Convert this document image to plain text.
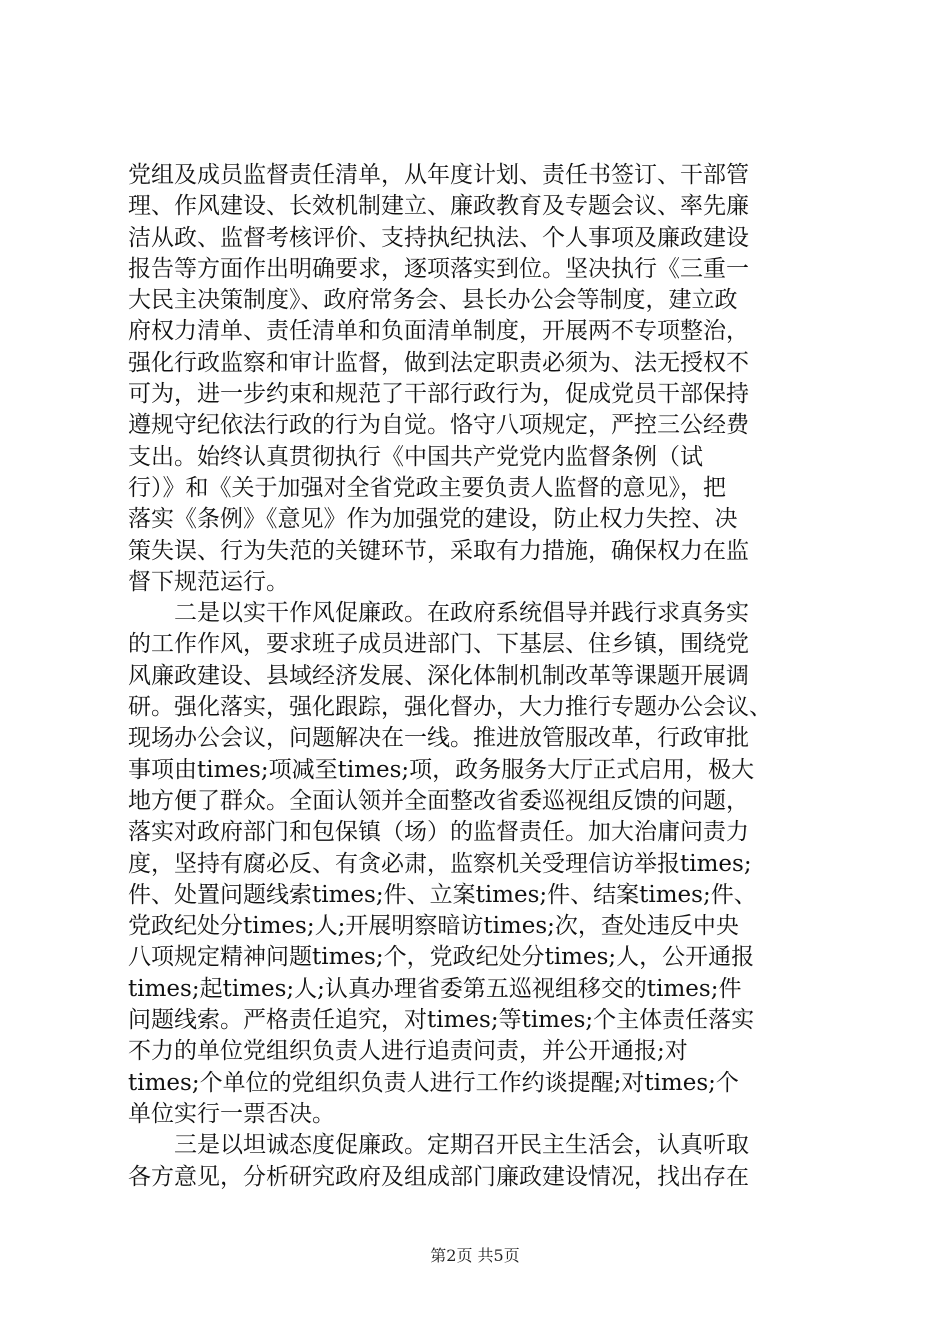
党组及成员监督责任清单，从年度计划、责任书签订、干部管
理、作风建设、长效机制建立、廉政教育及专题会议、率先廉
洁从政、监督考核评价、支持执纪执法、个人事项及廉政建设
报告等方面作出明确要求，逐项落实到位。坚决执行《三重一
大民主决策制度》、政府常务会、县长办公会等制度，建立政
府权力清单、责任清单和负面清单制度，开展两不专项整治，
强化行政监察和审计监督，做到法定职责必须为、法无授权不
可为，进一步约束和规范了干部行政行为，促成党员干部保持
遵规守纪依法行政的行为自觉。恪守八项规定，严控三公经费
支出。始终认真贯彻执行《中国共产党党内监督条例（试
行）》和《关于加强对全省党政主要负责人监督的意见》，把
落实《条例》《意见》作为加强党的建设，防止权力失控、决
策失误、行为失范的关键环节，采取有力措施，确保权力在监
督下规范运行。
　　二是以实干作风促廉政。在政府系统倡导并践行求真务实
的工作作风，要求班子成员进部门、下基层、住乡镇，围绕党
风廉政建设、县域经济发展、深化体制机制改革等课题开展调
研。强化落实，强化跟踪，强化督办，大力推行专题办公会议、
现场办公会议，问题解决在一线。推进放管服改革，行政审批
事项由times;项减至times;项，政务服务大厅正式启用，极大
地方便了群众。全面认领并全面整改省委巡视组反馈的问题，
落实对政府部门和包保镇（场）的监督责任。加大治庸问责力
度，坚持有腐必反、有贪必肃，监察机关受理信访举报times;
件、处置问题线索times;件、立案times;件、结案times;件、
党政纪处分times;人;开展明察暗访times;次，查处违反中央
八项规定精神问题times;个，党政纪处分times;人，公开通报
times;起times;人;认真办理省委第五巡视组移交的times;件
问题线索。严格责任追究，对times;等times;个主体责任落实
不力的单位党组织负责人进行追责问责，并公开通报;对
times;个单位的党组织负责人进行工作约谈提醒;对times;个
单位实行一票否决。
　　三是以坦诚态度促廉政。定期召开民主生活会，认真听取
各方意见，分析研究政府及组成部门廉政建设情况，找出存在
第2页 共5页
